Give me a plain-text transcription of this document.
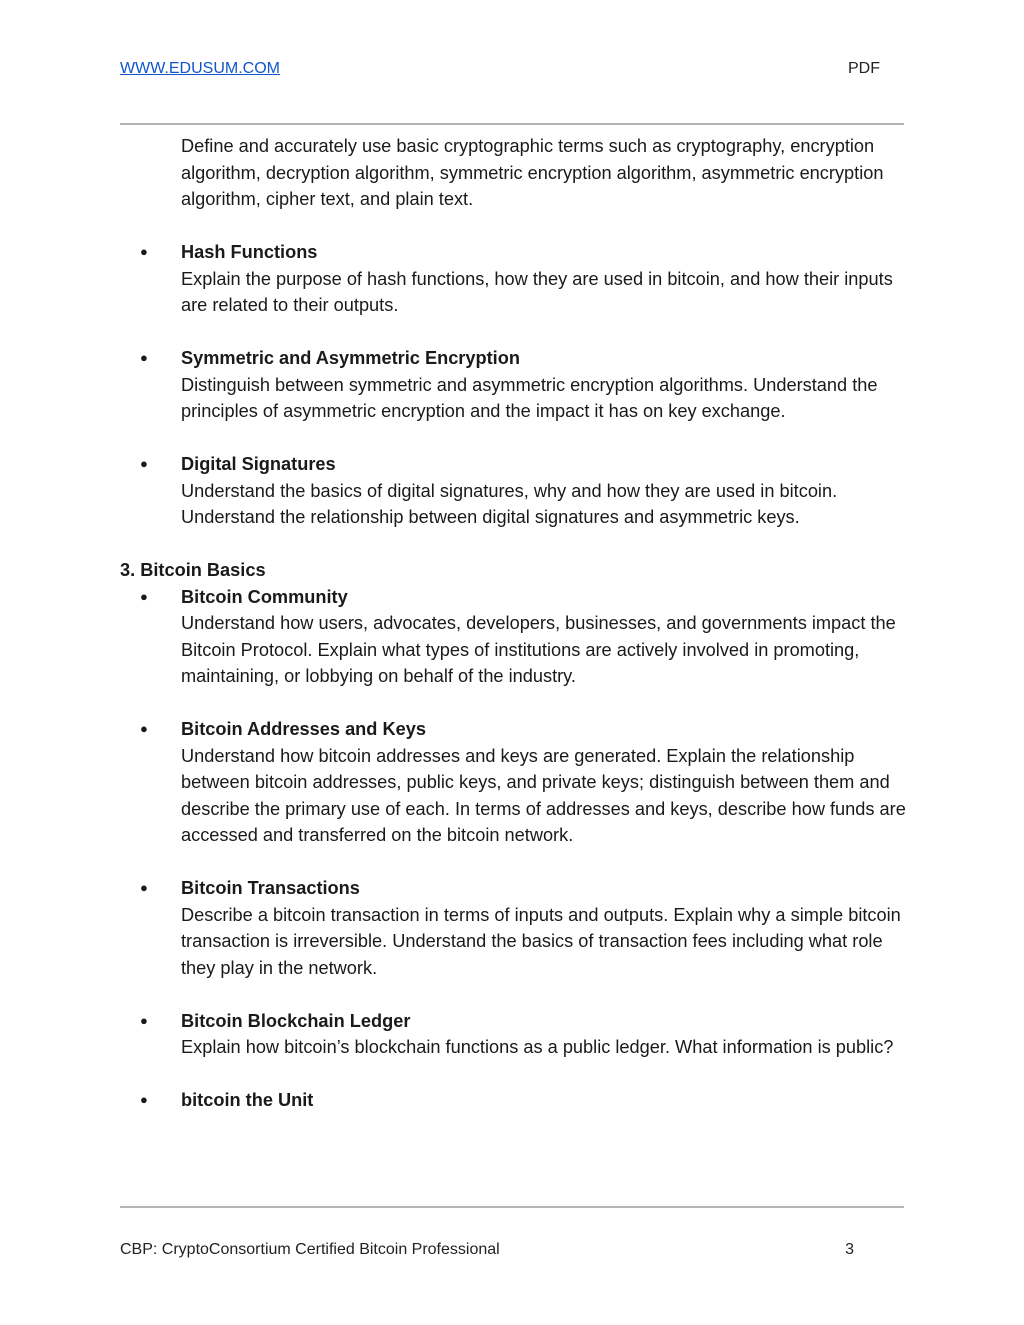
WWW.EDUSUM.COM	PDF

Define and accurately use basic cryptographic terms such as cryptography, encryption algorithm, decryption algorithm, symmetric encryption algorithm, asymmetric encryption algorithm, cipher text, and plain text.

● Hash Functions
Explain the purpose of hash functions, how they are used in bitcoin, and how their inputs are related to their outputs.
● Symmetric and Asymmetric Encryption
Distinguish between symmetric and asymmetric encryption algorithms. Understand the principles of asymmetric encryption and the impact it has on key exchange.
● Digital Signatures
Understand the basics of digital signatures, why and how they are used in bitcoin. Understand the relationship between digital signatures and asymmetric keys.
3. Bitcoin Basics
● Bitcoin Community
Understand how users, advocates, developers, businesses, and governments impact the Bitcoin Protocol. Explain what types of institutions are actively involved in promoting, maintaining, or lobbying on behalf of the industry.
● Bitcoin Addresses and Keys
Understand how bitcoin addresses and keys are generated. Explain the relationship between bitcoin addresses, public keys, and private keys; distinguish between them and describe the primary use of each. In terms of addresses and keys, describe how funds are accessed and transferred on the bitcoin network.
● Bitcoin Transactions
Describe a bitcoin transaction in terms of inputs and outputs. Explain why a simple bitcoin transaction is irreversible. Understand the basics of transaction fees including what role they play in the network.
● Bitcoin Blockchain Ledger
Explain how bitcoin’s blockchain functions as a public ledger. What information is public?
● bitcoin the Unit
CBP: CryptoConsortium Certified Bitcoin Professional	3
